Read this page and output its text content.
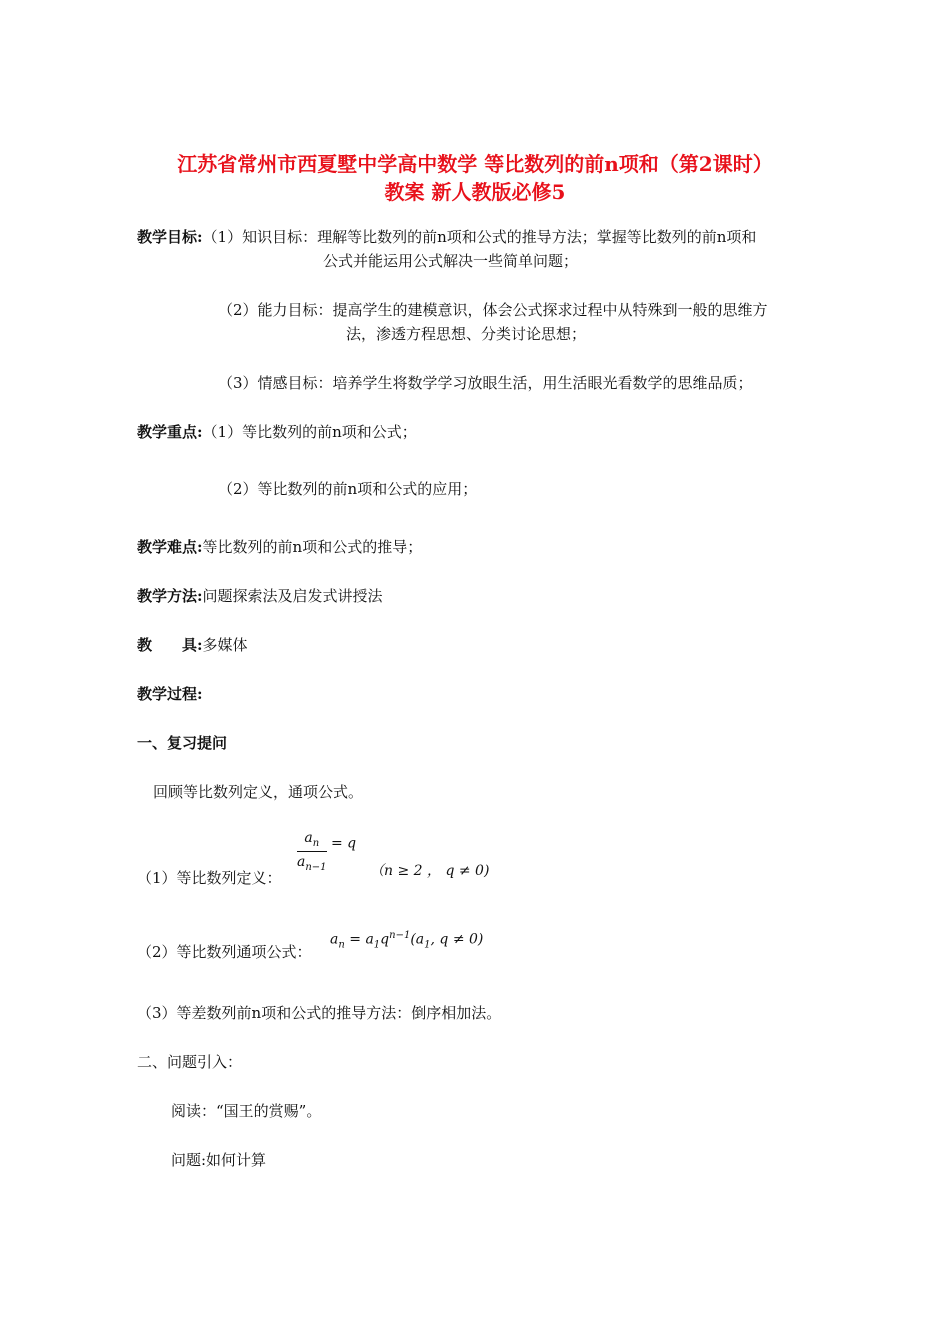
江苏省常州市西夏墅中学高中数学 等比数列的前n项和（第2课时）
教案 新人教版必修5
教学目标:（1）知识目标：理解等比数列的前n项和公式的推导方法；掌握等比数列的前n项和
公式并能运用公式解决一些简单问题；
（2）能力目标：提高学生的建模意识，体会公式探求过程中从特殊到一般的思维方
法，渗透方程思想、分类讨论思想；
（3）情感目标：培养学生将数学学习放眼生活，用生活眼光看数学的思维品质；
教学重点:（1）等比数列的前n项和公式；
（2）等比数列的前n项和公式的应用；
教学难点:等比数列的前n项和公式的推导；
教学方法:问题探索法及启发式讲授法
教　　具:多媒体
教学过程:
一、复习提问
回顾等比数列定义，通项公式。
（1）等比数列定义：
$\frac{a_n}{a_{n-1}} = q$
（n ≥ 2 ， q ≠ 0)
（2）等比数列通项公式：
$a_n = a_1q^{n-1}(a_1$, q ≠ 0)
（3）等差数列前n项和公式的推导方法：倒序相加法。
二、问题引入：
阅读：“国王的赏赐”。
问题:如何计算
